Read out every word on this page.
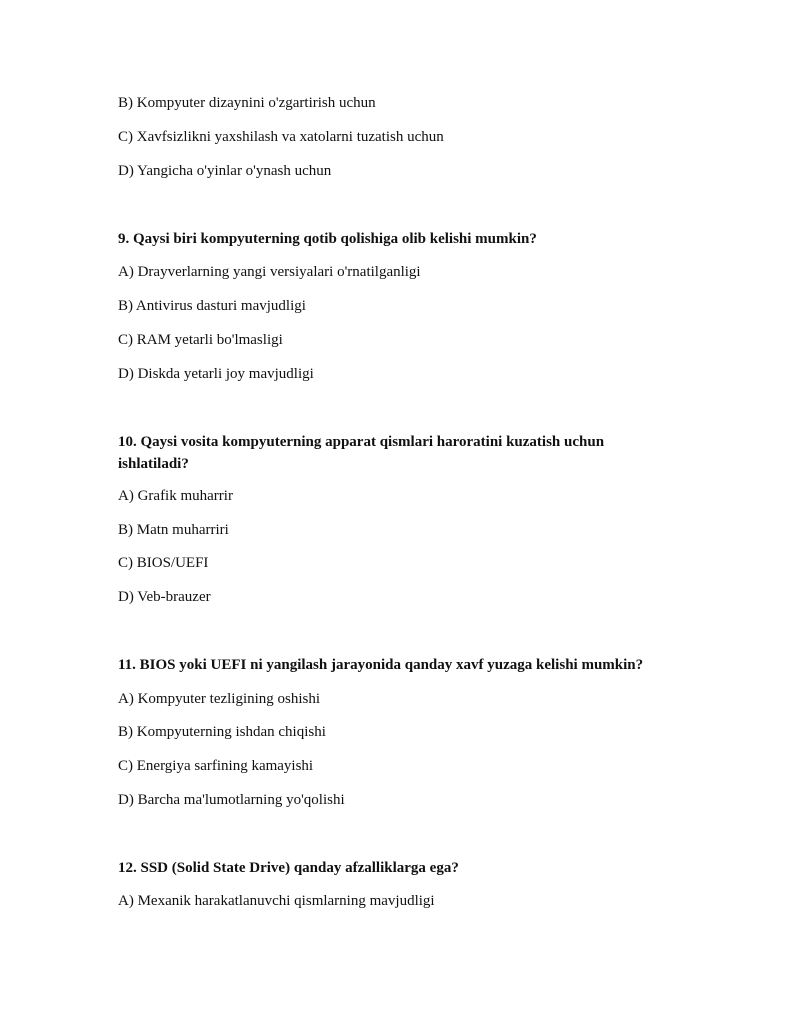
B) Kompyuter dizaynini o'zgartirish uchun
C) Xavfsizlikni yaxshilash va xatolarni tuzatish uchun
D) Yangicha o'yinlar o'ynash uchun
9. Qaysi biri kompyuterning qotib qolishiga olib kelishi mumkin?
A) Drayverlarning yangi versiyalari o'rnatilganligi
B) Antivirus dasturi mavjudligi
C) RAM yetarli bo'lmasligi
D) Diskda yetarli joy mavjudligi
10. Qaysi vosita kompyuterning apparat qismlari haroratini kuzatish uchun ishlatiladi?
A) Grafik muharrir
B) Matn muharriri
C) BIOS/UEFI
D) Veb-brauzer
11. BIOS yoki UEFI ni yangilash jarayonida qanday xavf yuzaga kelishi mumkin?
A) Kompyuter tezligining oshishi
B) Kompyuterning ishdan chiqishi
C) Energiya sarfining kamayishi
D) Barcha ma'lumotlarning yo'qolishi
12. SSD (Solid State Drive) qanday afzalliklarga ega?
A) Mexanik harakatlanuvchi qismlarning mavjudligi
